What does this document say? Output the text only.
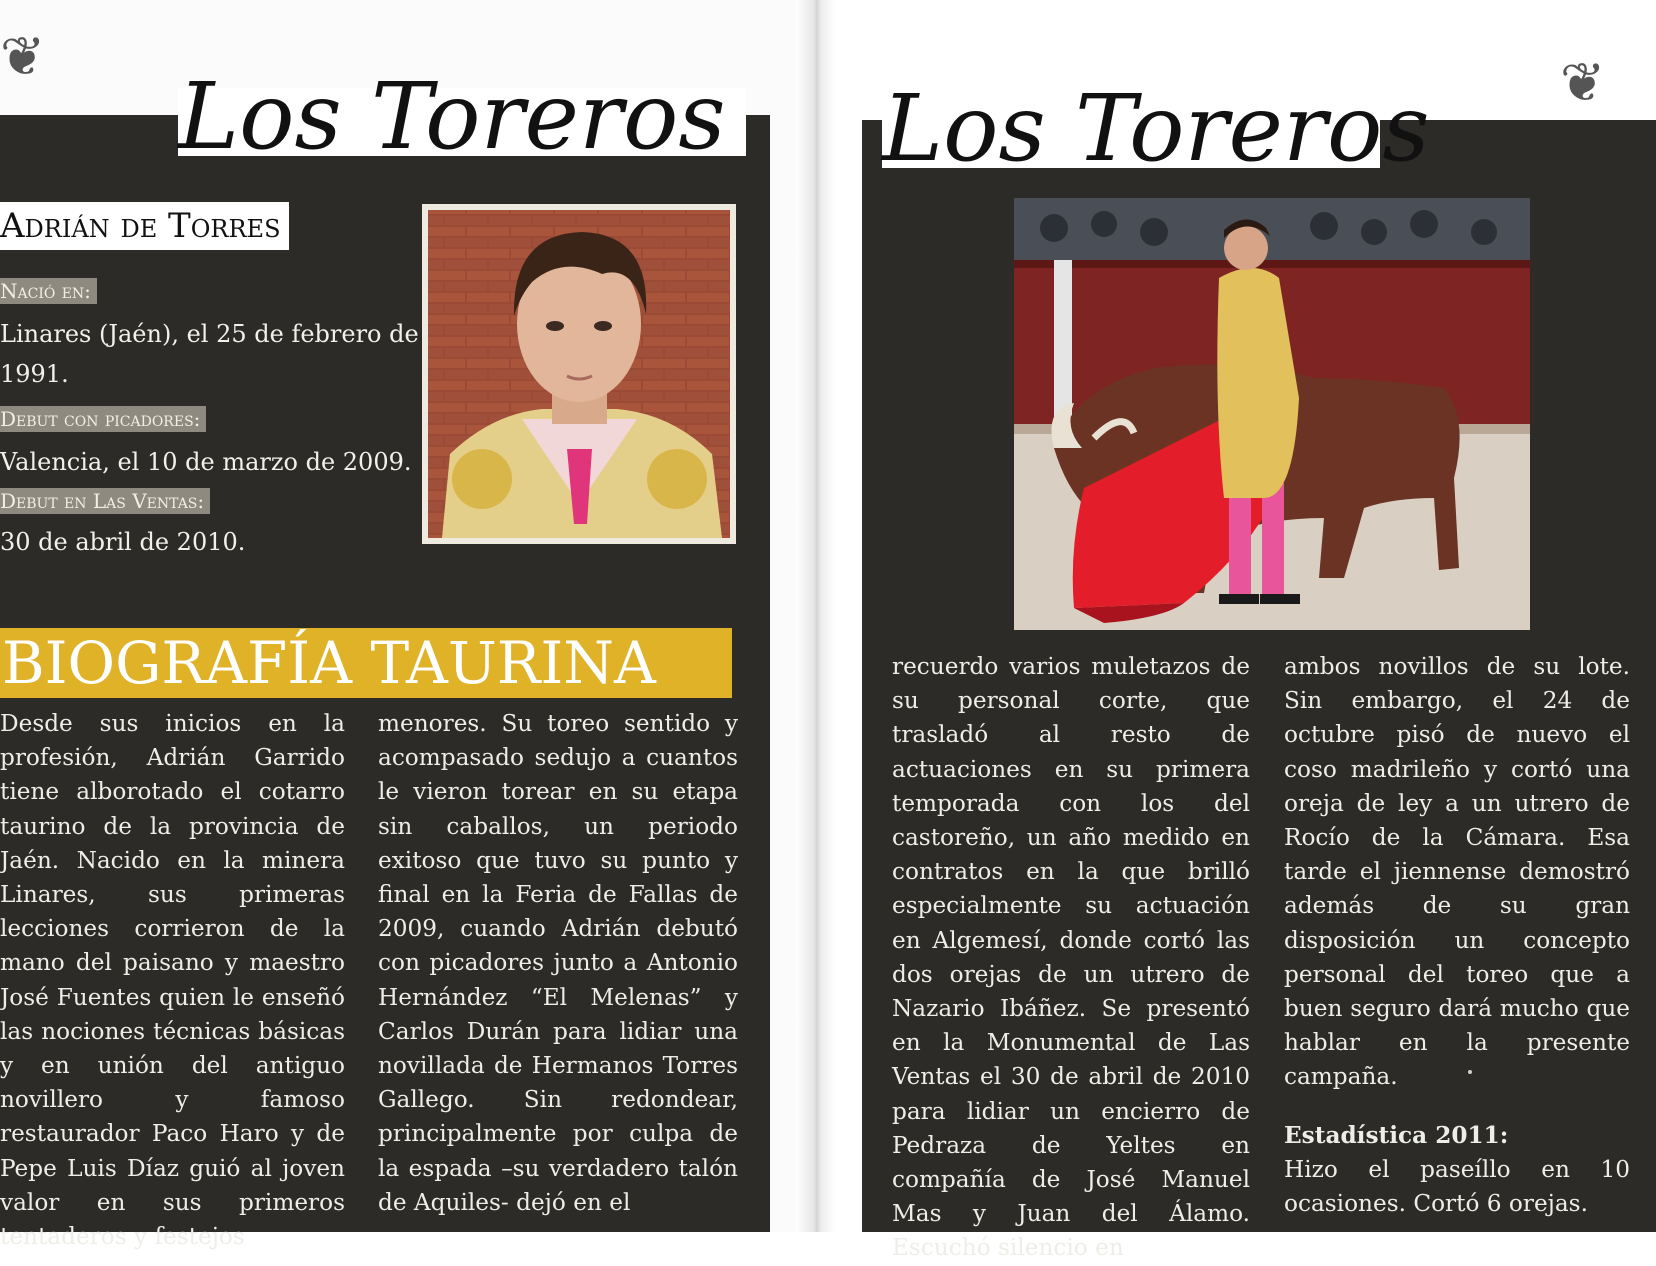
❦
Los Toreros
Adrián de Torres
Nació en:
Linares (Jaén), el 25 de febrero de
1991.
Debut con picadores:
Valencia, el 10 de marzo de 2009.
Debut en Las Ventas:
30 de abril de 2010.
BIOGRAFÍA TAURINA

Desde sus inicios en la profesión, Adrián Garrido tiene alborotado el cotarro taurino de la provincia de Jaén. Nacido en la minera Linares, sus primeras lecciones corrieron de la mano del paisano y maestro José Fuentes quien le enseñó las nociones técnicas básicas y en unión del antiguo novillero y famoso restaurador Paco Haro y de Pepe Luis Díaz guió al joven valor en sus primeros tentaderos y festejos

menores. Su toreo sentido y acompasado sedujo a cuantos le vieron torear en su etapa sin caballos, un periodo exitoso que tuvo su punto y final en la Feria de Fallas de 2009, cuando Adrián debutó con picadores junto a Antonio Hernández “El Melenas” y Carlos Durán para lidiar una novillada de Hermanos Torres Gallego. Sin redondear, principalmente por culpa de la espada –su verdadero talón de Aquiles- dejó en el

❦
Los Toreros

recuerdo varios muletazos de su personal corte, que trasladó al resto de actuaciones en su primera temporada con los del castoreño, un año medido en contratos en la que brilló especialmente su actuación en Algemesí, donde cortó las dos orejas de un utrero de Nazario Ibáñez. Se presentó en la Monumental de Las Ventas el 30 de abril de 2010 para lidiar un encierro de Pedraza de Yeltes en compañía de José Manuel Mas y Juan del Álamo. Escuchó silencio en

ambos novillos de su lote. Sin embargo, el 24 de octubre pisó de nuevo el coso madrileño y cortó una oreja de ley a un utrero de Rocío de la Cámara. Esa tarde el jiennense demostró además de su gran disposición un concepto personal del toreo que a buen seguro dará mucho que hablar en la presente campaña.

Estadística 2011:

Hizo el paseíllo en 10 ocasiones. Cortó 6 orejas.
